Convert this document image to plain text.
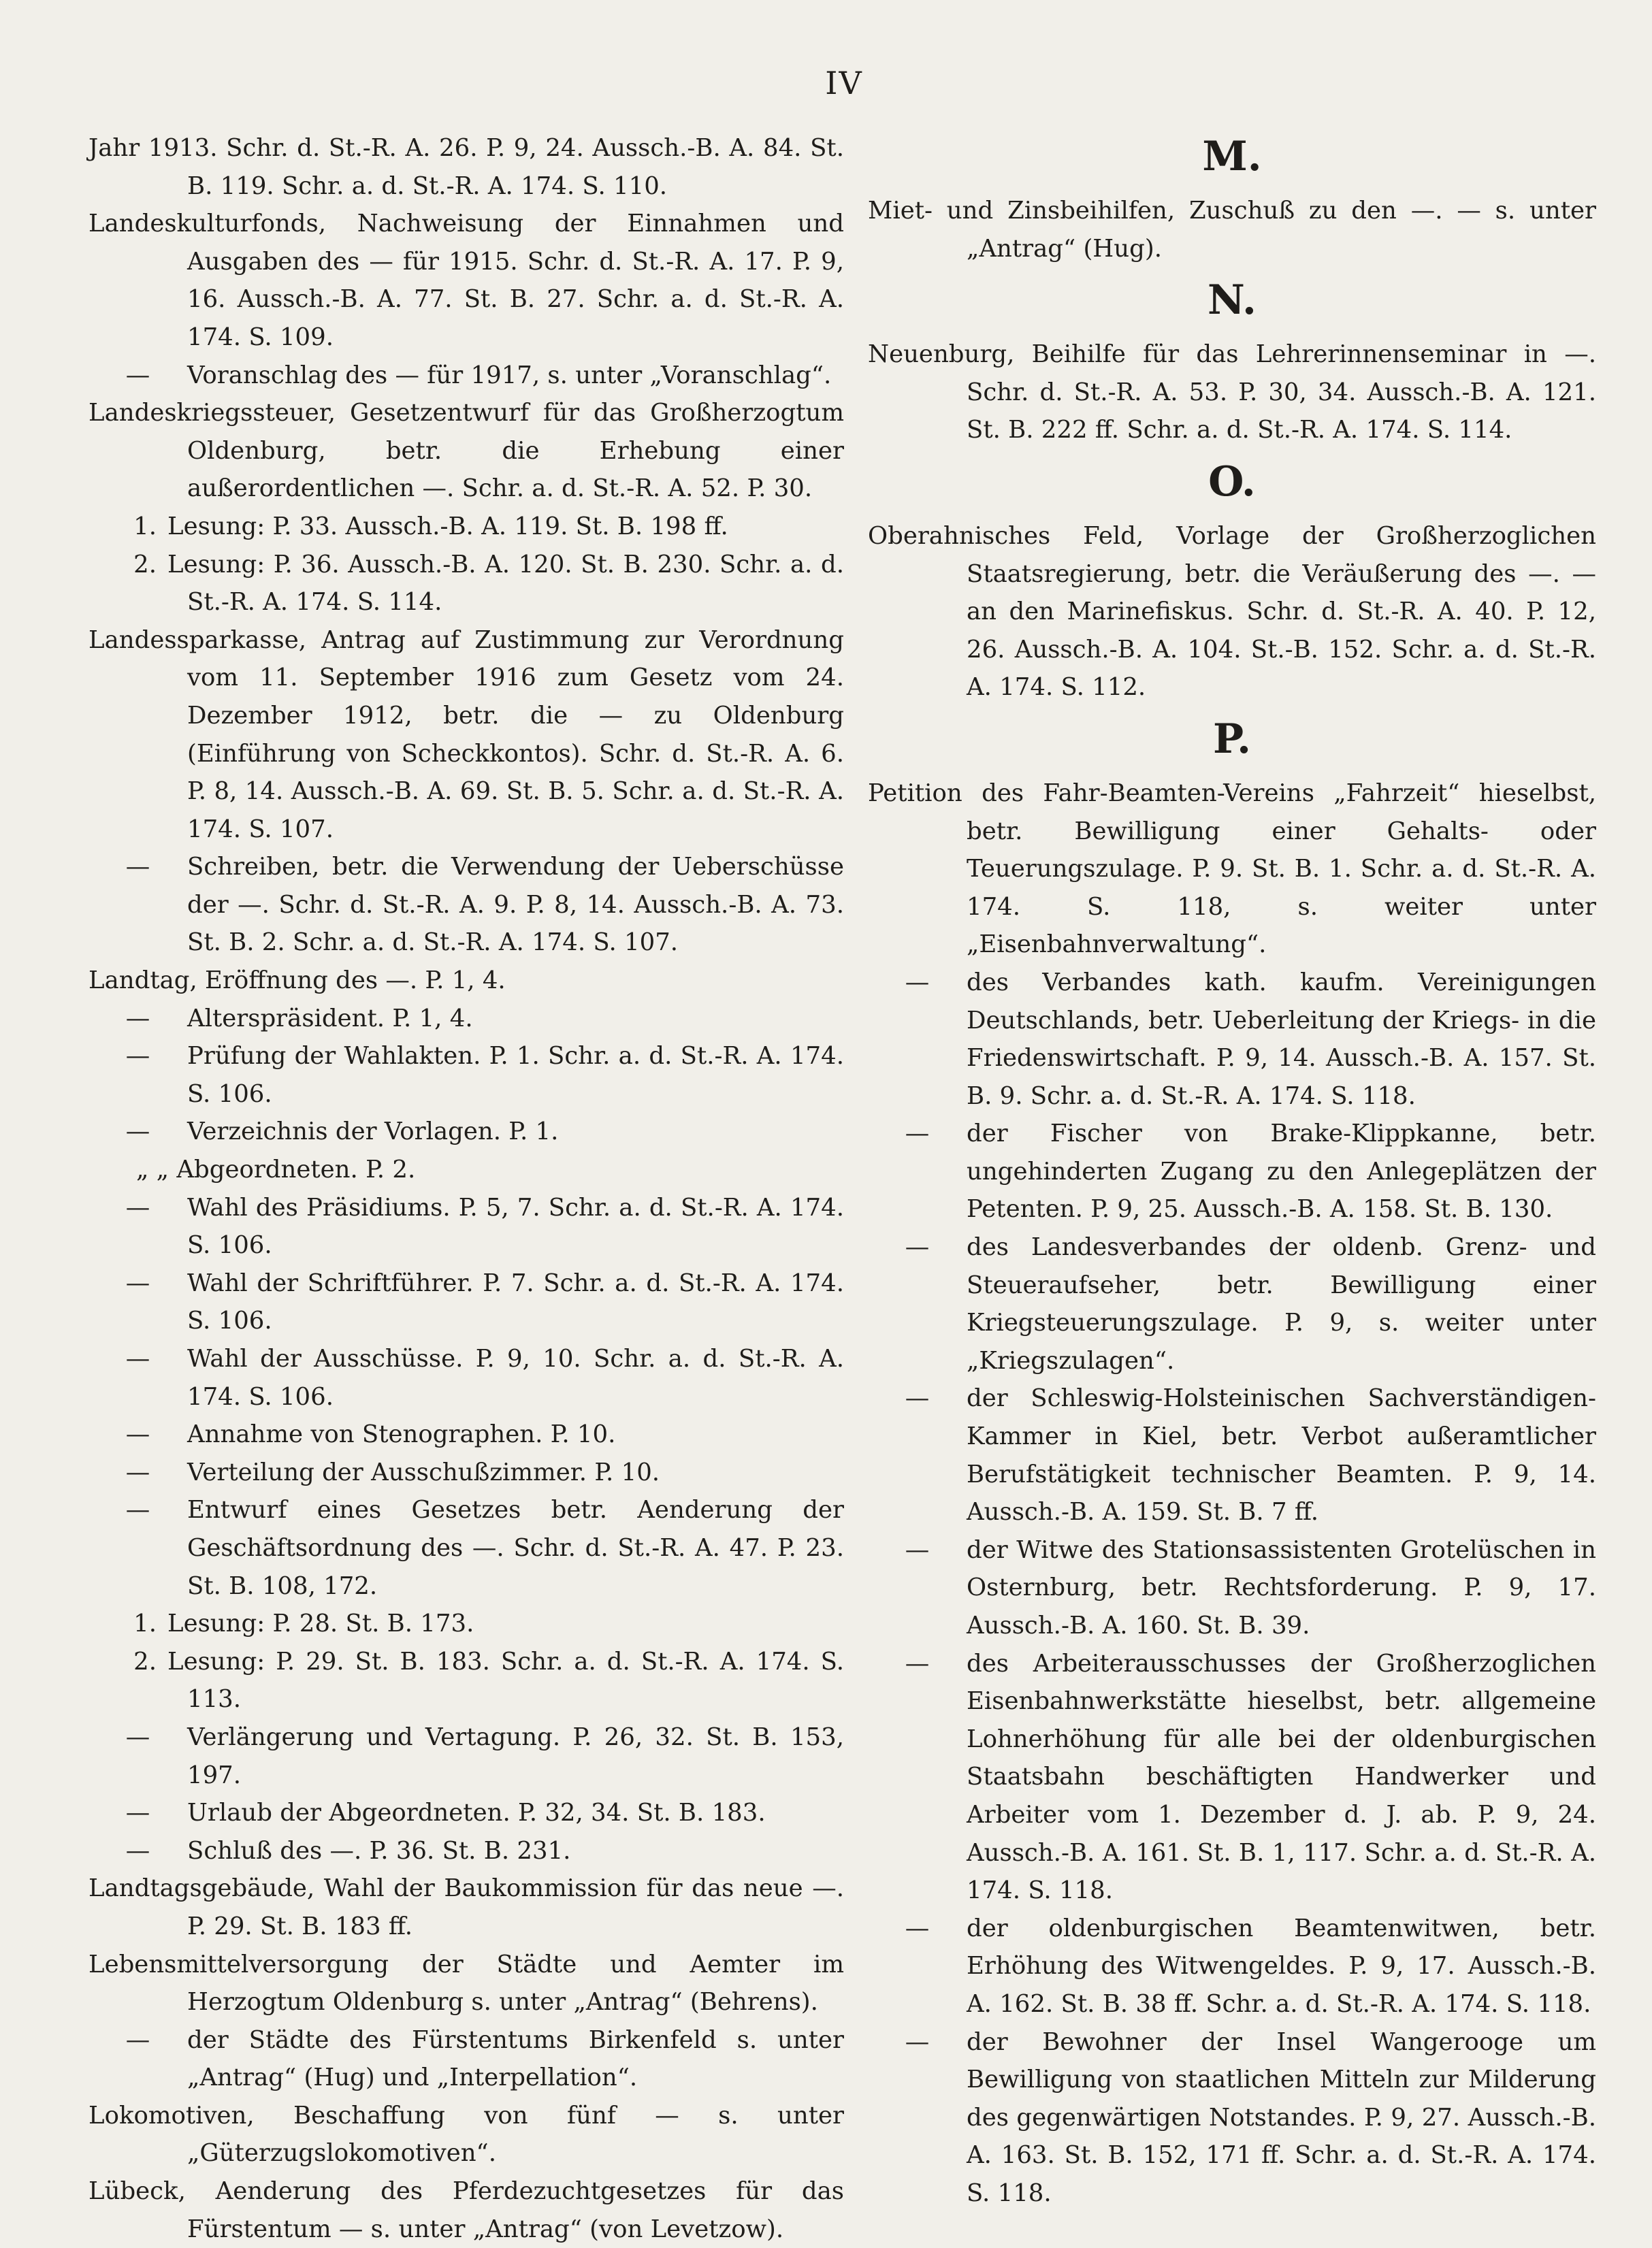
IV
Jahr 1913. Schr. d. St.-R. A. 26. P. 9, 24. Aussch.-B. A. 84. St. B. 119. Schr. a. d. St.-R. A. 174. S. 110.
Landeskulturfonds, Nachweisung der Einnahmen und Ausgaben des — für 1915. Schr. d. St.-R. A. 17. P. 9, 16. Aussch.-B. A. 77. St. B. 27. Schr. a. d. St.-R. A. 174. S. 109.
— Voranschlag des — für 1917, s. unter „Voranschlag“.
Landeskriegssteuer, Gesetzentwurf für das Großherzogtum Oldenburg, betr. die Erhebung einer außerordentlichen —. Schr. a. d. St.-R. A. 52. P. 30.
1. Lesung: P. 33. Aussch.-B. A. 119. St. B. 198 ff.
2. Lesung: P. 36. Aussch.-B. A. 120. St. B. 230. Schr. a. d. St.-R. A. 174. S. 114.
Landessparkasse, Antrag auf Zustimmung zur Verordnung vom 11. September 1916 zum Gesetz vom 24. Dezember 1912, betr. die — zu Oldenburg (Einführung von Scheckkontos). Schr. d. St.-R. A. 6. P. 8, 14. Aussch.-B. A. 69. St. B. 5. Schr. a. d. St.-R. A. 174. S. 107.
— Schreiben, betr. die Verwendung der Ueberschüsse der —. Schr. d. St.-R. A. 9. P. 8, 14. Aussch.-B. A. 73. St. B. 2. Schr. a. d. St.-R. A. 174. S. 107.
Landtag, Eröffnung des —. P. 1, 4.
— Alterspräsident. P. 1, 4.
— Prüfung der Wahlakten. P. 1. Schr. a. d. St.-R. A. 174. S. 106.
— Verzeichnis der Vorlagen. P. 1.
„ „ Abgeordneten. P. 2.
— Wahl des Präsidiums. P. 5, 7. Schr. a. d. St.-R. A. 174. S. 106.
— Wahl der Schriftführer. P. 7. Schr. a. d. St.-R. A. 174. S. 106.
— Wahl der Ausschüsse. P. 9, 10. Schr. a. d. St.-R. A. 174. S. 106.
— Annahme von Stenographen. P. 10.
— Verteilung der Ausschußzimmer. P. 10.
— Entwurf eines Gesetzes betr. Aenderung der Geschäftsordnung des —. Schr. d. St.-R. A. 47. P. 23. St. B. 108, 172.
1. Lesung: P. 28. St. B. 173.
2. Lesung: P. 29. St. B. 183. Schr. a. d. St.-R. A. 174. S. 113.
— Verlängerung und Vertagung. P. 26, 32. St. B. 153, 197.
— Urlaub der Abgeordneten. P. 32, 34. St. B. 183.
— Schluß des —. P. 36. St. B. 231.
Landtagsgebäude, Wahl der Baukommission für das neue —. P. 29. St. B. 183 ff.
Lebensmittelversorgung der Städte und Aemter im Herzogtum Oldenburg s. unter „Antrag“ (Behrens).
— der Städte des Fürstentums Birkenfeld s. unter „Antrag“ (Hug) und „Interpellation“.
Lokomotiven, Beschaffung von fünf — s. unter „Güterzugslokomotiven“.
Lübeck, Aenderung des Pferdezuchtgesetzes für das Fürstentum — s. unter „Antrag“ (von Levetzow).
M.
Miet- und Zinsbeihilfen, Zuschuß zu den —. — s. unter „Antrag“ (Hug).
N.
Neuenburg, Beihilfe für das Lehrerinnenseminar in —. Schr. d. St.-R. A. 53. P. 30, 34. Aussch.-B. A. 121. St. B. 222 ff. Schr. a. d. St.-R. A. 174. S. 114.
O.
Oberahnisches Feld, Vorlage der Großherzoglichen Staatsregierung, betr. die Veräußerung des —. — an den Marinefiskus. Schr. d. St.-R. A. 40. P. 12, 26. Aussch.-B. A. 104. St.-B. 152. Schr. a. d. St.-R. A. 174. S. 112.
P.
Petition des Fahr-Beamten-Vereins „Fahrzeit“ hieselbst, betr. Bewilligung einer Gehalts- oder Teuerungszulage. P. 9. St. B. 1. Schr. a. d. St.-R. A. 174. S. 118, s. weiter unter „Eisenbahnverwaltung“.
— des Verbandes kath. kaufm. Vereinigungen Deutschlands, betr. Ueberleitung der Kriegs- in die Friedenswirtschaft. P. 9, 14. Aussch.-B. A. 157. St. B. 9. Schr. a. d. St.-R. A. 174. S. 118.
— der Fischer von Brake-Klippkanne, betr. ungehinderten Zugang zu den Anlegeplätzen der Petenten. P. 9, 25. Aussch.-B. A. 158. St. B. 130.
— des Landesverbandes der oldenb. Grenz- und Steueraufseher, betr. Bewilligung einer Kriegsteuerungszulage. P. 9, s. weiter unter „Kriegszulagen“.
— der Schleswig-Holsteinischen Sachverständigen-Kammer in Kiel, betr. Verbot außeramtlicher Berufstätigkeit technischer Beamten. P. 9, 14. Aussch.-B. A. 159. St. B. 7 ff.
— der Witwe des Stationsassistenten Grotelüschen in Osternburg, betr. Rechtsforderung. P. 9, 17. Aussch.-B. A. 160. St. B. 39.
— des Arbeiterausschusses der Großherzoglichen Eisenbahnwerkstätte hieselbst, betr. allgemeine Lohnerhöhung für alle bei der oldenburgischen Staatsbahn beschäftigten Handwerker und Arbeiter vom 1. Dezember d. J. ab. P. 9, 24. Aussch.-B. A. 161. St. B. 1, 117. Schr. a. d. St.-R. A. 174. S. 118.
— der oldenburgischen Beamtenwitwen, betr. Erhöhung des Witwengeldes. P. 9, 17. Aussch.-B. A. 162. St. B. 38 ff. Schr. a. d. St.-R. A. 174. S. 118.
— der Bewohner der Insel Wangerooge um Bewilligung von staatlichen Mitteln zur Milderung des gegenwärtigen Notstandes. P. 9, 27. Aussch.-B. A. 163. St. B. 152, 171 ff. Schr. a. d. St.-R. A. 174. S. 118.
